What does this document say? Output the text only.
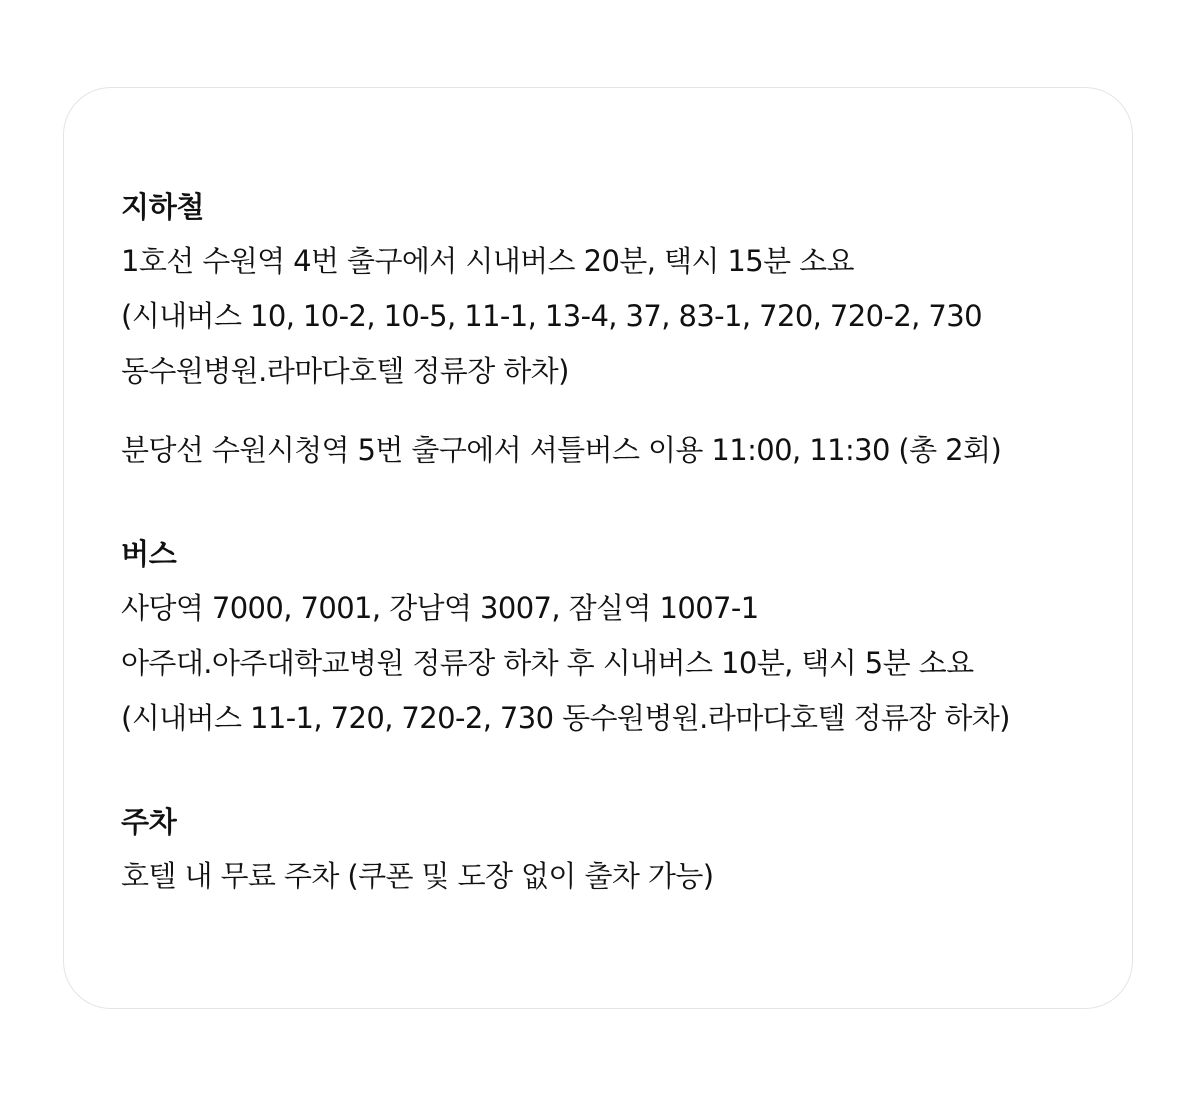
지하철

1호선 수원역 4번 출구에서 시내버스 20분, 택시 15분 소요

(시내버스 10, 10-2, 10-5, 11-1, 13-4, 37, 83-1, 720, 720-2, 730

동수원병원.라마다호텔 정류장 하차)

분당선 수원시청역 5번 출구에서 셔틀버스 이용 11:00, 11:30 (총 2회)

버스

사당역 7000, 7001, 강남역 3007, 잠실역 1007-1

아주대.아주대학교병원 정류장 하차 후 시내버스 10분, 택시 5분 소요

(시내버스 11-1, 720, 720-2, 730 동수원병원.라마다호텔 정류장 하차)

주차

호텔 내 무료 주차 (쿠폰 및 도장 없이 출차 가능)
